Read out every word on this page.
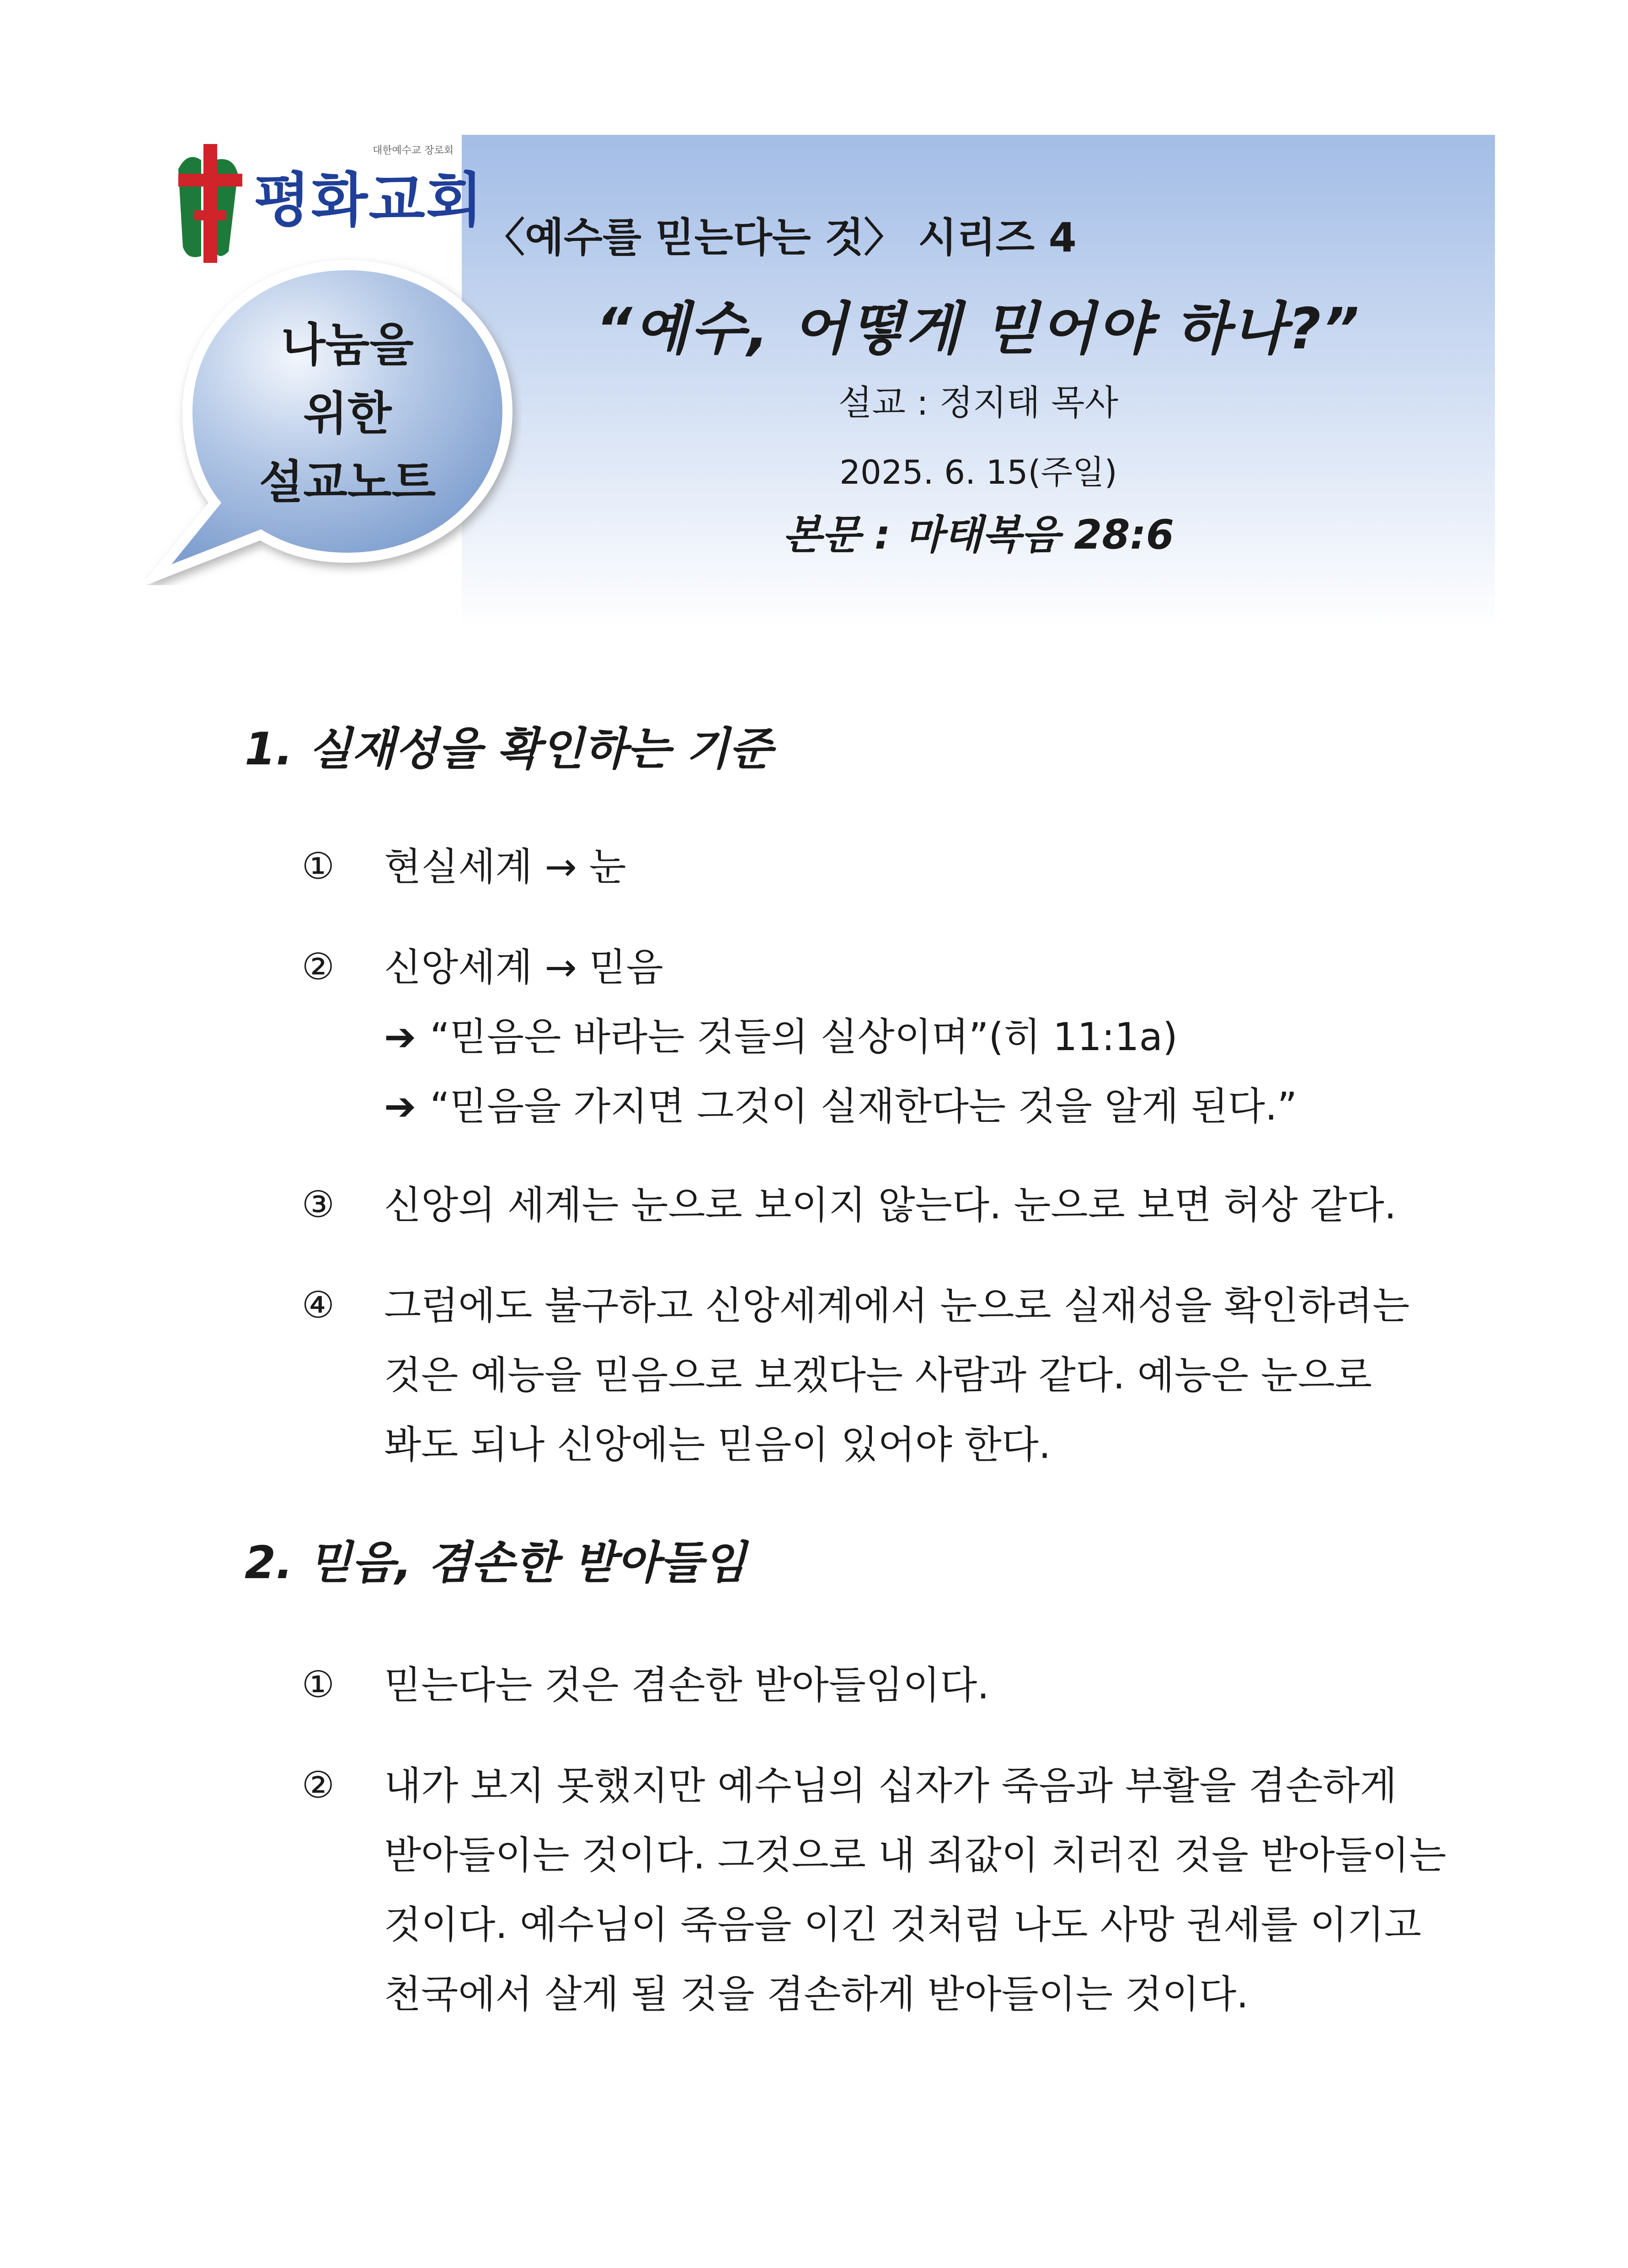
대한예수교 장로회
평화교회
나눔을
위한
설교노트
〈예수를 믿는다는 것〉 시리즈 4
“예수, 어떻게 믿어야 하나?”
설교 : 정지태 목사
2025. 6. 15(주일)
본문 : 마태복음 28:6
1. 실재성을 확인하는 기준
① 현실세계 → 눈
② 신앙세계 → 믿음
➔ “믿음은 바라는 것들의 실상이며”(히 11:1a)
➔ “믿음을 가지면 그것이 실재한다는 것을 알게 된다.”
③ 신앙의 세계는 눈으로 보이지 않는다. 눈으로 보면 허상 같다.
④ 그럼에도 불구하고 신앙세계에서 눈으로 실재성을 확인하려는
것은 예능을 믿음으로 보겠다는 사람과 같다. 예능은 눈으로
봐도 되나 신앙에는 믿음이 있어야 한다.
2. 믿음, 겸손한 받아들임
① 믿는다는 것은 겸손한 받아들임이다.
② 내가 보지 못했지만 예수님의 십자가 죽음과 부활을 겸손하게
받아들이는 것이다. 그것으로 내 죄값이 치러진 것을 받아들이는
것이다. 예수님이 죽음을 이긴 것처럼 나도 사망 권세를 이기고
천국에서 살게 될 것을 겸손하게 받아들이는 것이다.
